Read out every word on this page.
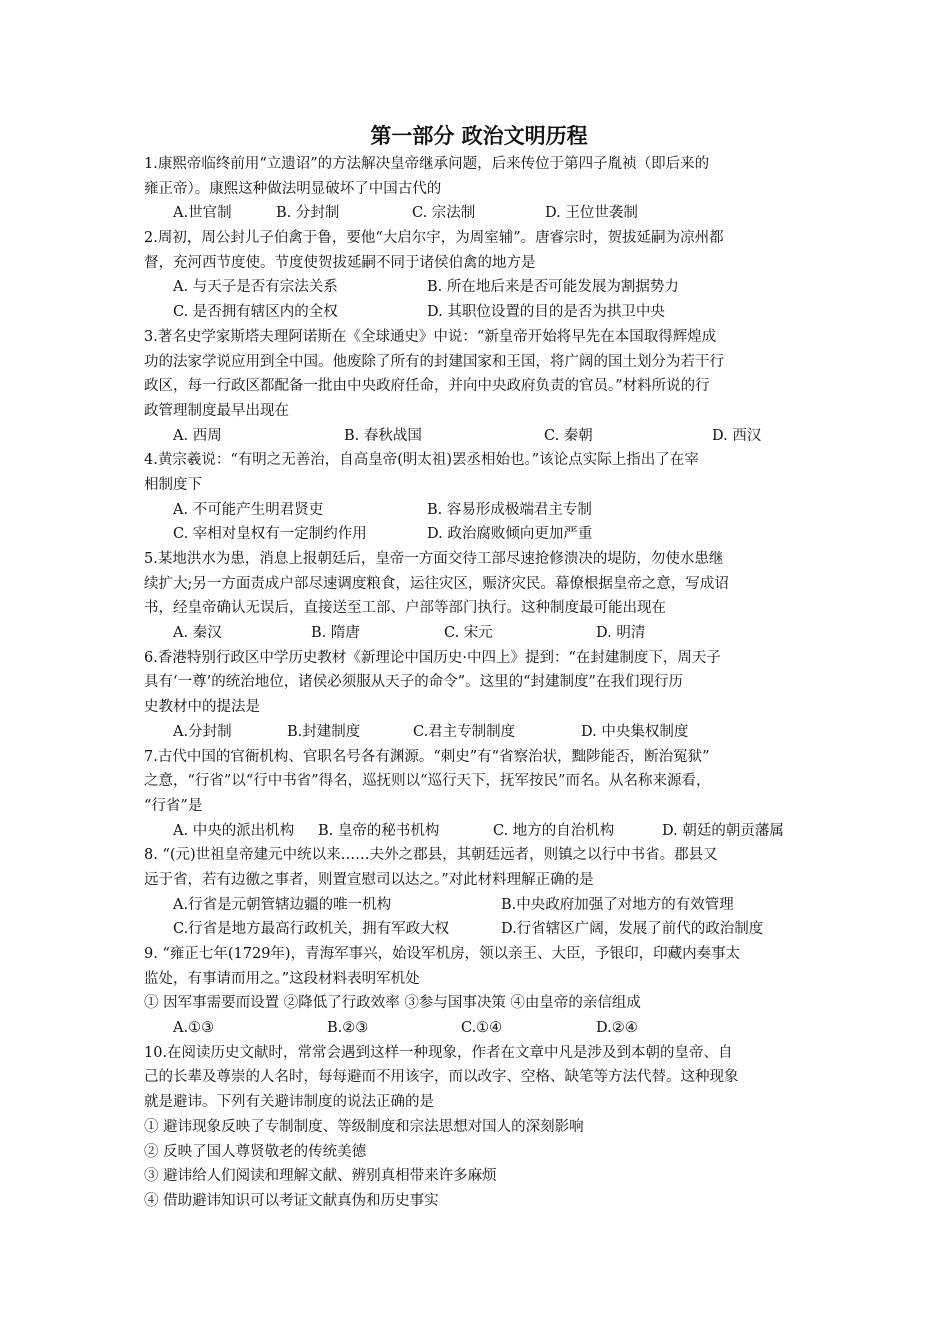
第一部分 政治文明历程
1.康熙帝临终前用“立遗诏”的方法解决皇帝继承问题，后来传位于第四子胤祯（即后来的
雍正帝）。康熙这种做法明显破坏了中国古代的
A.世官制	B. 分封制	C. 宗法制	D. 王位世袭制
2.周初，周公封儿子伯禽于鲁，要他“大启尔宇，为周室辅”。唐睿宗时，贺拔延嗣为凉州都
督，充河西节度使。节度使贺拔延嗣不同于诸侯伯禽的地方是
A. 与天子是否有宗法关系	B. 所在地后来是否可能发展为割据势力
C. 是否拥有辖区内的全权	D. 其职位设置的目的是否为拱卫中央
3.著名史学家斯塔夫理阿诺斯在《全球通史》中说：“新皇帝开始将早先在本国取得辉煌成
功的法家学说应用到全中国。他废除了所有的封建国家和王国，将广阔的国土划分为若干行
政区，每一行政区都配备一批由中央政府任命，并向中央政府负责的官员。”材料所说的行
政管理制度最早出现在
A. 西周	B. 春秋战国	C. 秦朝	D. 西汉
4.黄宗羲说：“有明之无善治，自高皇帝(明太祖)罢丞相始也。”该论点实际上指出了在宰
相制度下
A. 不可能产生明君贤吏	B. 容易形成极端君主专制
C. 宰相对皇权有一定制约作用	D. 政治腐败倾向更加严重
5.某地洪水为患，消息上报朝廷后，皇帝一方面交待工部尽速抢修溃决的堤防，勿使水患继
续扩大;另一方面责成户部尽速调度粮食，运往灾区，赈济灾民。幕僚根据皇帝之意，写成诏
书，经皇帝确认无误后，直接送至工部、户部等部门执行。这种制度最可能出现在
A. 秦汉	B. 隋唐	C. 宋元	D. 明清
6.香港特别行政区中学历史教材《新理论中国历史·中四上》提到：“在封建制度下，周天子
具有‘一尊’的统治地位，诸侯必须服从天子的命令”。这里的“封建制度”在我们现行历
史教材中的提法是
A.分封制	B.封建制度	C.君主专制制度	D. 中央集权制度
7.古代中国的官衙机构、官职名号各有渊源。“刺史”有“省察治状，黜陟能否，断治冤狱”
之意，“行省”以“行中书省”得名，巡抚则以“巡行天下，抚军按民”而名。从名称来源看，
“行省”是
A. 中央的派出机构 B. 皇帝的秘书机构	C. 地方的自治机构	D. 朝廷的朝贡藩属
8. “(元)世祖皇帝建元中统以来……夫外之郡县，其朝廷远者，则镇之以行中书省。郡县又
远于省，若有边徼之事者，则置宣慰司以达之。”对此材料理解正确的是
A.行省是元朝管辖边疆的唯一机构	B.中央政府加强了对地方的有效管理
C.行省是地方最高行政机关，拥有军政大权	D.行省辖区广阔，发展了前代的政治制度
9. “雍正七年(1729年)，青海军事兴，始设军机房，领以亲王、大臣，予银印，印藏内奏事太
监处，有事请而用之。”这段材料表明军机处
① 因军事需要而设置 ②降低了行政效率 ③参与国事决策 ④由皇帝的亲信组成
A.①③	B.②③	C.①④	D.②④
10.在阅读历史文献时，常常会遇到这样一种现象，作者在文章中凡是涉及到本朝的皇帝、自
己的长辈及尊崇的人名时，每每避而不用该字，而以改字、空格、缺笔等方法代替。这种现象
就是避讳。下列有关避讳制度的说法正确的是
① 避讳现象反映了专制制度、等级制度和宗法思想对国人的深刻影响
② 反映了国人尊贤敬老的传统美德
③ 避讳给人们阅读和理解文献、辨别真相带来许多麻烦
④ 借助避讳知识可以考证文献真伪和历史事实
